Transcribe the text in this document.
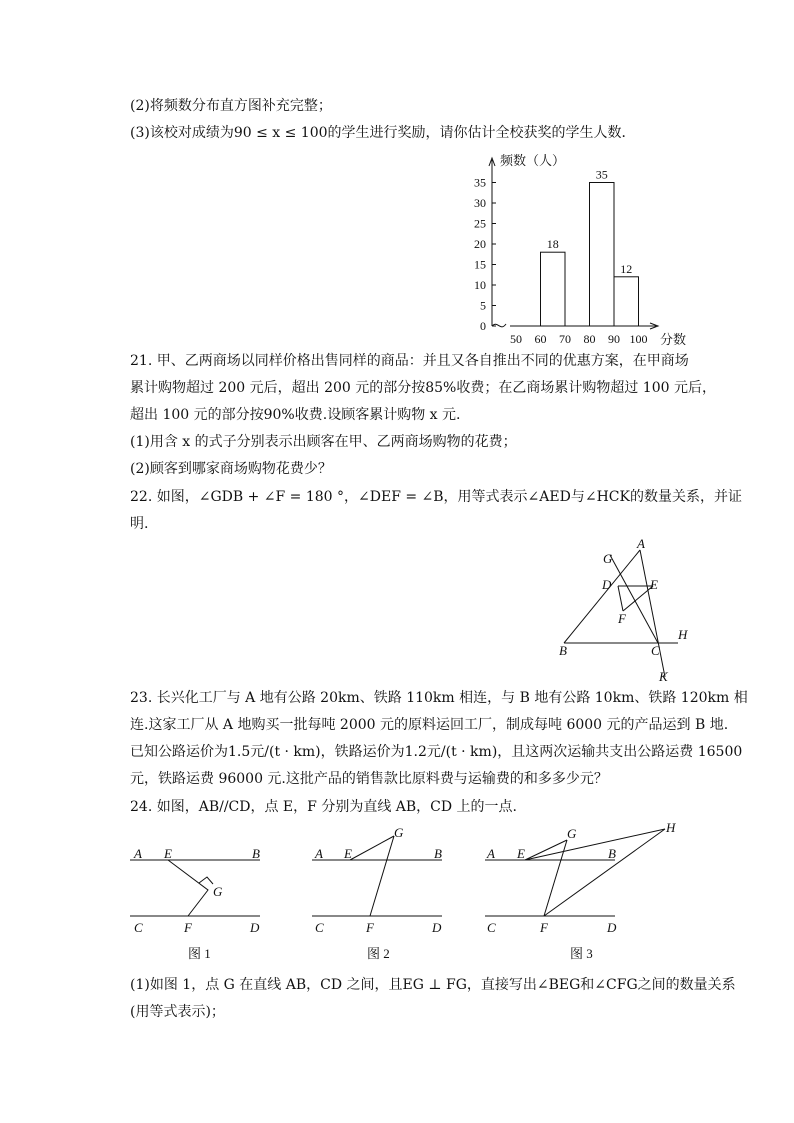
(2)将频数分布直方图补充完整；
(3)该校对成绩为90 ≤ x ≤ 100的学生进行奖励，请你估计全校获奖的学生人数．
0
5
10
15
20
25
30
35
50 60 70 80 90 100
18
35
12
频数（人）
分数
21. 甲、乙两商场以同样价格出售同样的商品：并且又各自推出不同的优惠方案，在甲商场
累计购物超过 200 元后，超出 200 元的部分按85%收费；在乙商场累计购物超过 100 元后，
超出 100 元的部分按90%收费.设顾客累计购物 x 元.
(1)用含 x 的式子分别表示出顾客在甲、乙两商场购物的花费；
(2)顾客到哪家商场购物花费少？
22. 如图，∠GDB + ∠F = 180 °，∠DEF = ∠B，用等式表示∠AED与∠HCK的数量关系，并证
明.
G
A
D	E
F
H
B	C
K
23. 长兴化工厂与 A 地有公路 20km、铁路 110km 相连，与 B 地有公路 10km、铁路 120km 相
连.这家工厂从 A 地购买一批每吨 2000 元的原料运回工厂，制成每吨 6000 元的产品运到 B 地.
已知公路运价为1.5元/(t · km)，铁路运价为1.2元/(t · km)，且这两次运输共支出公路运费 16500
元，铁路运费 96000 元.这批产品的销售款比原料费与运输费的和多多少元？
24. 如图，AB//CD，点 E，F 分别为直线 AB，CD 上的一点.
A E	B
G
C	F	D
图 1
A E
G
B
C	F	D
图 2
A E
G	H
B
C	F	D
图 3
(1)如图 1，点 G 在直线 AB，CD 之间，且EG ⊥ FG，直接写出∠BEG和∠CFG之间的数量关系
(用等式表示)；
